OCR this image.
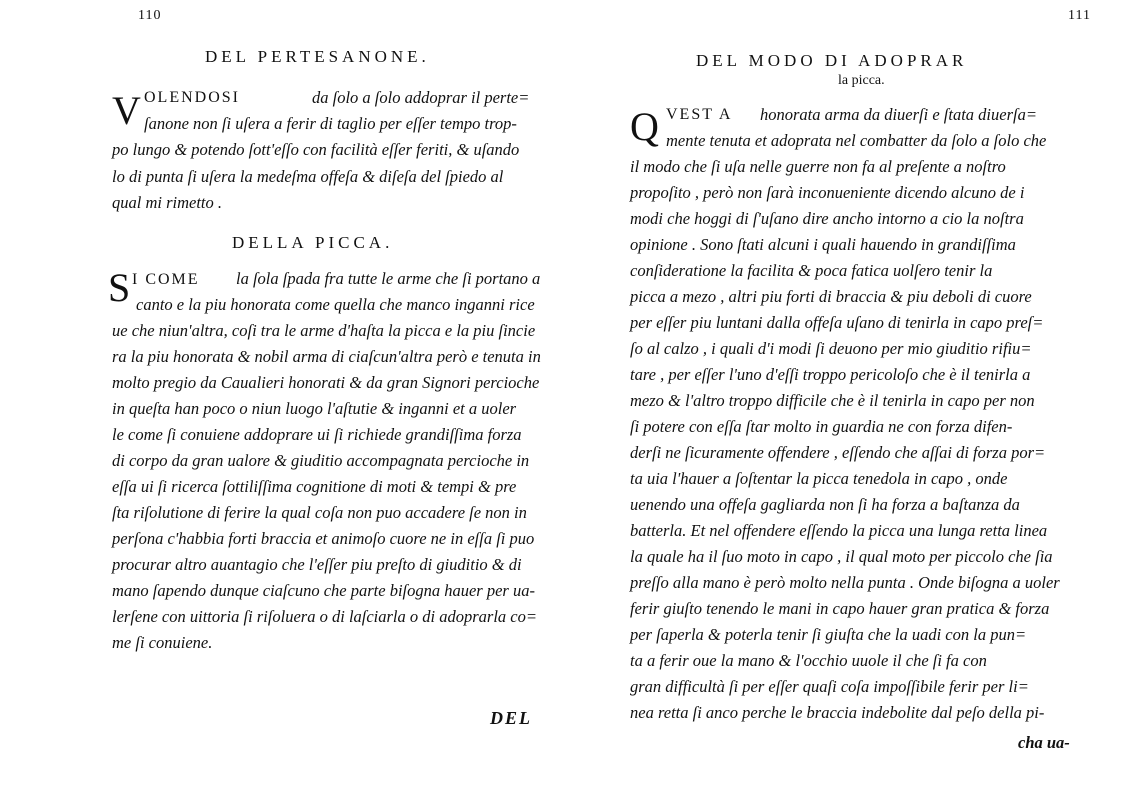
110
DEL PERTESANONE.
V OLENDOSI	da ſolo a ſolo addoprar il perte=
ſanone non ſi uſera a ferir di taglio per eſſer tempo trop-
po lungo & potendo ſott'eſſo con facilità eſſer feriti, & uſando
lo di punta ſi uſera la medeſma offeſa & diſeſa del ſpiedo al
qual mi rimetto .
DELLA PICCA.
S I COME la ſola ſpada fra tutte le arme che ſi portano a
canto e la piu honorata come quella che manco inganni rice
ue che niun'altra, coſi tra le arme d'haſta la picca e la piu ſincie
ra la piu honorata & nobil arma di ciaſcun'altra però e tenuta in
molto pregio da Caualieri honorati & da gran Signori percioche
in queſta han poco o niun luogo l'aſtutie & inganni et a uoler
le come ſi conuiene addoprare ui ſi richiede grandiſſima forza
di corpo da gran ualore & giuditio accompagnata percioche in
eſſa ui ſi ricerca ſottiliſſima cognitione di moti & tempi & pre
ſta riſolutione di ferire la qual coſa non puo accadere ſe non in
perſona c'habbia forti braccia et animoſo cuore ne in eſſa ſi puo
procurar altro auantagio che l'eſſer piu preſto di giuditio & di
mano ſapendo dunque ciaſcuno che parte biſogna hauer per ua-
lerſene con uittoria ſi riſoluera o di laſciarla o di adoprarla co=
me ſi conuiene.
DEL
111
DEL MODO DI ADOPRAR
la picca.
Q VEST A honorata arma da diuerſi e ſtata diuerſa=
mente tenuta et adoprata nel combatter da ſolo a ſolo che
il modo che ſi uſa nelle guerre non fa al preſente a noſtro
propoſito , però non ſarà inconueniente dicendo alcuno de i
modi che hoggi di ſ'uſano dire ancho intorno a cio la noſtra
opinione . Sono ſtati alcuni i quali hauendo in grandiſſima
conſideratione la facilita & poca fatica uolſero tenir la
picca a mezo , altri piu forti di braccia & piu deboli di cuore
per eſſer piu luntani dalla offeſa uſano di tenirla in capo preſ=
ſo al calzo , i quali d'i modi ſi deuono per mio giuditio rifiu=
tare , per eſſer l'uno d'eſſi troppo pericoloſo che è il tenirla a
mezo & l'altro troppo difficile che è il tenirla in capo per non
ſi potere con eſſa ſtar molto in guardia ne con forza difen-
derſi ne ſicuramente offendere , eſſendo che aſſai di forza por=
ta uia l'hauer a ſoſtentar la picca tenedola in capo , onde
uenendo una offeſa gagliarda non ſi ha forza a baſtanza da
batterla. Et nel offendere eſſendo la picca una lunga retta linea
la quale ha il ſuo moto in capo , il qual moto per piccolo che ſia
preſſo alla mano è però molto nella punta . Onde biſogna a uoler
ferir giuſto tenendo le mani in capo hauer gran pratica & forza
per ſaperla & poterla tenir ſi giuſta che la uadi con la pun=
ta a ferir oue la mano & l'occhio uuole il che ſi fa con
gran difficultà ſi per eſſer quaſi coſa impoſſibile ferir per li=
nea retta ſi anco perche le braccia indebolite dal peſo della pi-
cha ua-
